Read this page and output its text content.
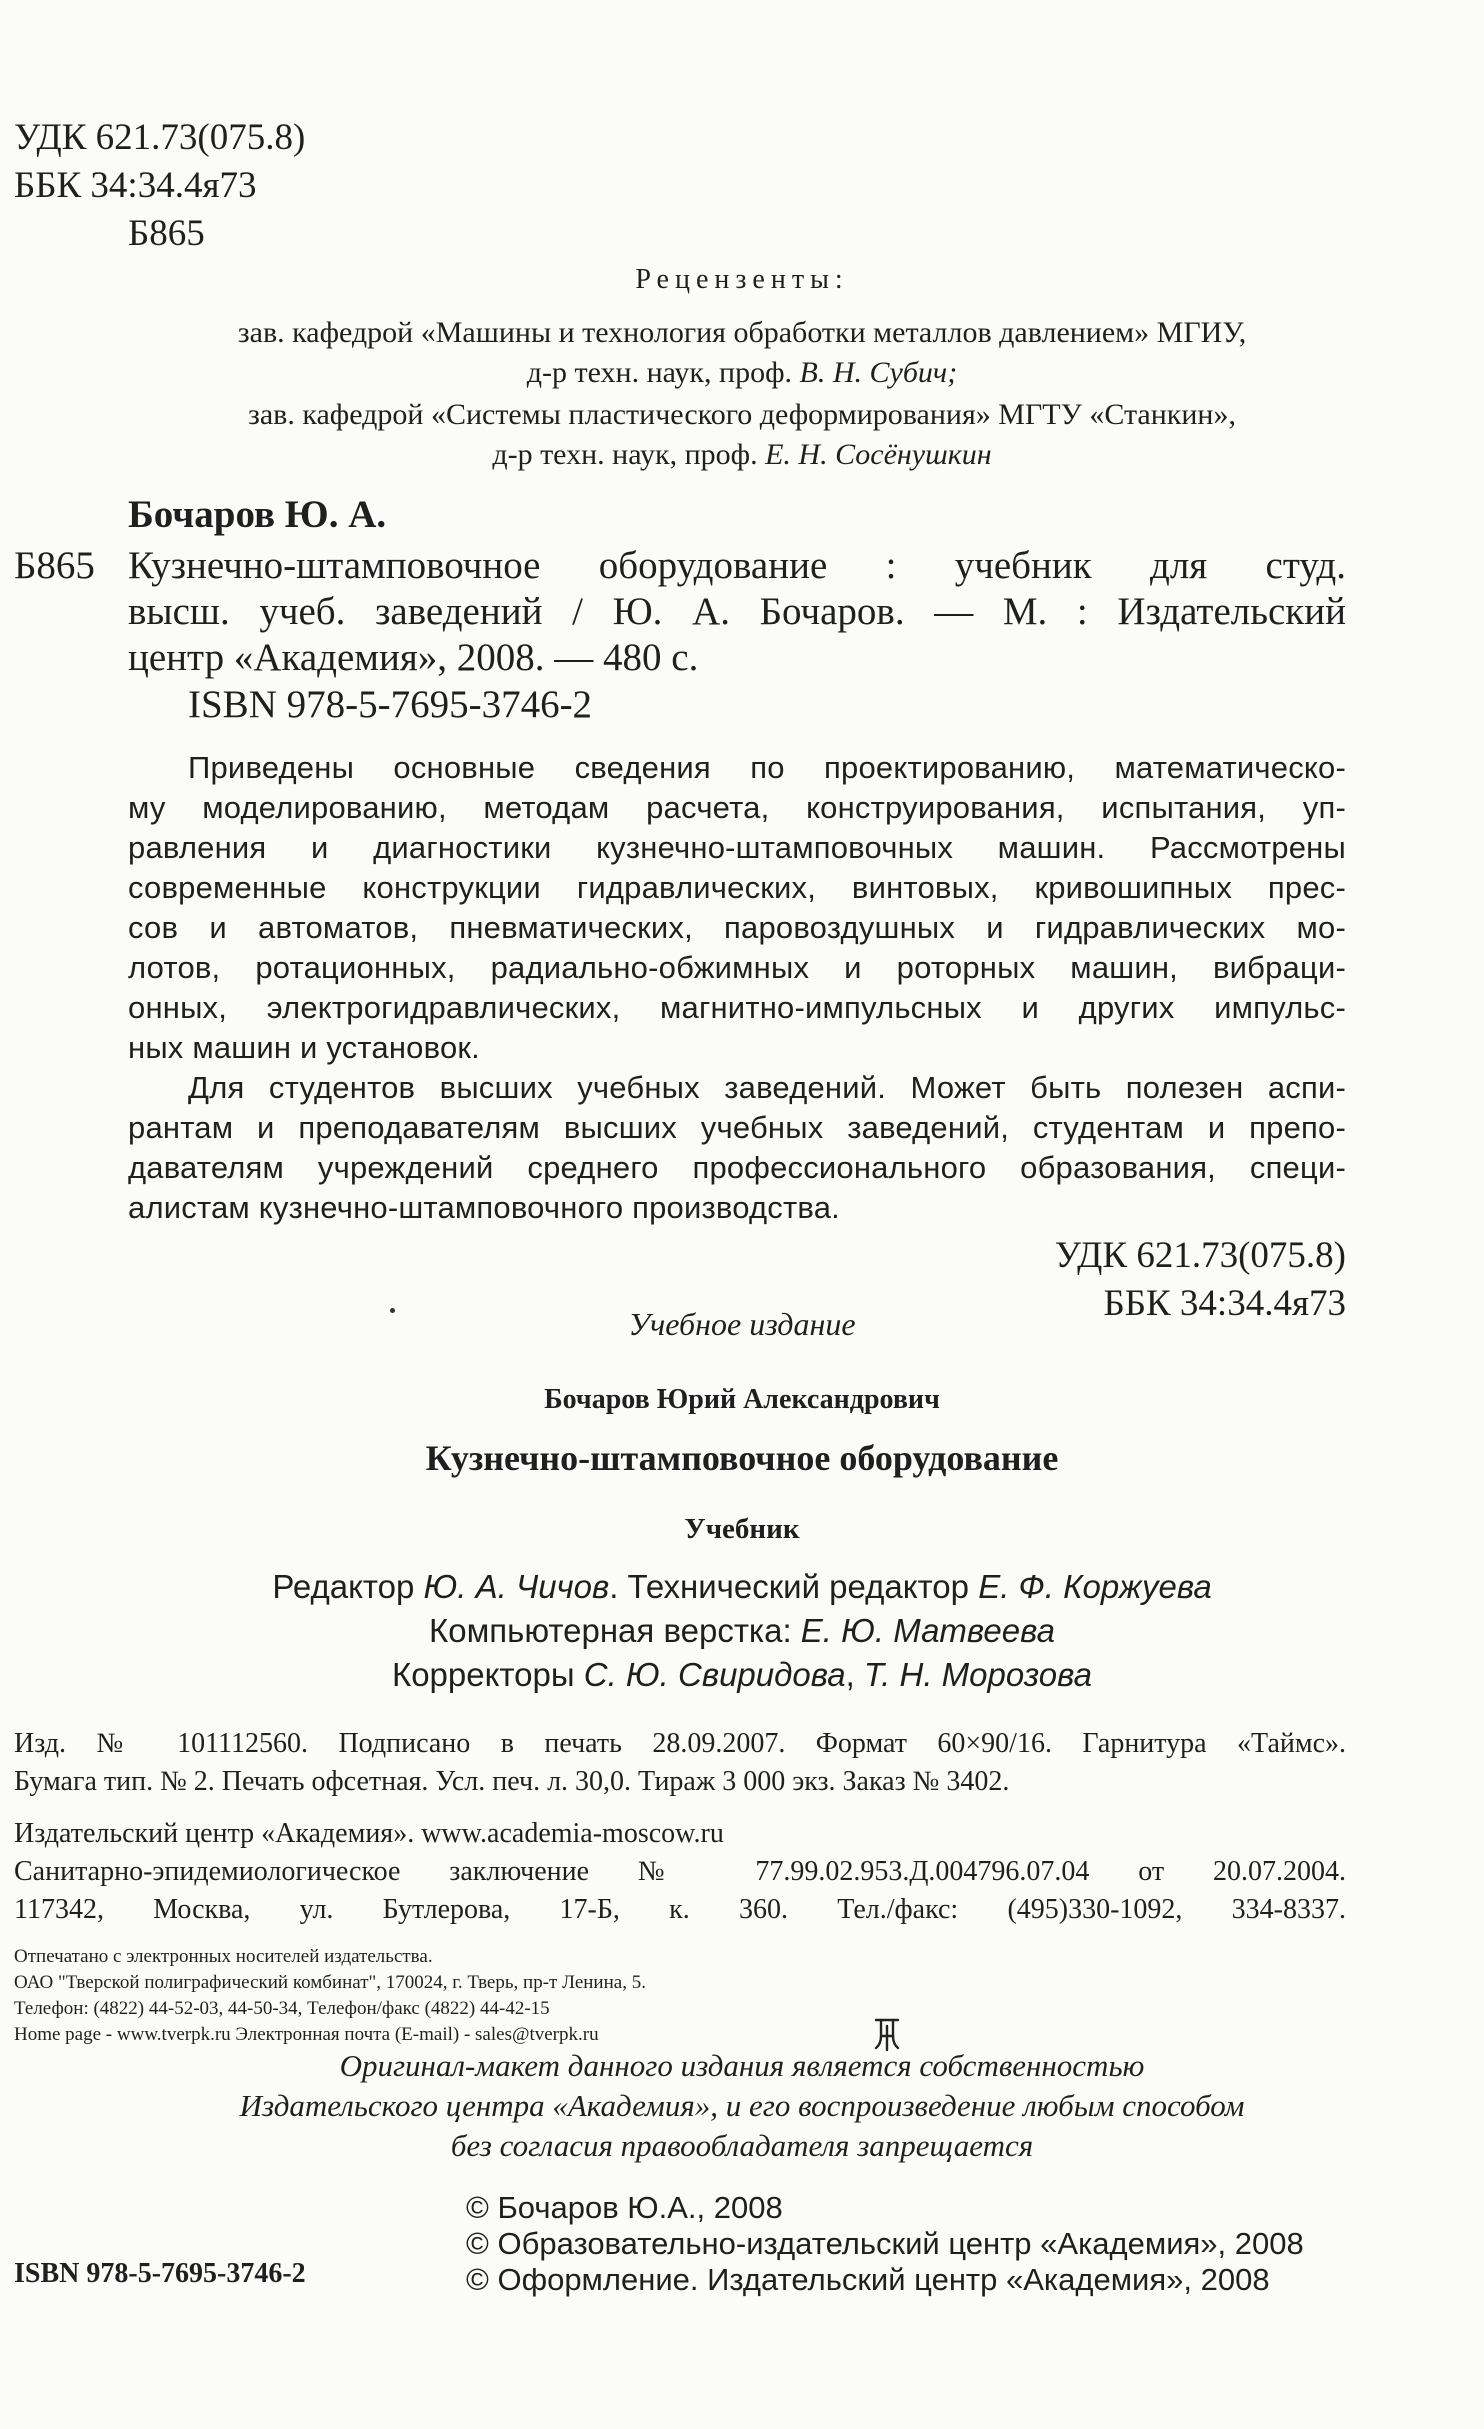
УДК 621.73(075.8)
ББК 34:34.4я73
Б865
Рецензенты:
зав. кафедрой «Машины и технология обработки металлов давлением» МГИУ,
д-р техн. наук, проф. В. Н. Субич;
зав. кафедрой «Системы пластического деформирования» МГТУ «Станкин»,
д-р техн. наук, проф. Е. Н. Сосёнушкин
Бочаров Ю. А.
Б865 Кузнечно-штамповочное оборудование : учебник для студ.
высш. учеб. заведений / Ю. А. Бочаров. — М. : Издательский
центр «Академия», 2008. — 480 с.
ISBN 978-5-7695-3746-2
Приведены основные сведения по проектированию, математическо-
му моделированию, методам расчета, конструирования, испытания, уп-
равления и диагностики кузнечно-штамповочных машин. Рассмотрены
современные конструкции гидравлических, винтовых, кривошипных прес-
сов и автоматов, пневматических, паровоздушных и гидравлических мо-
лотов, ротационных, радиально-обжимных и роторных машин, вибраци-
онных, электрогидравлических, магнитно-импульсных и других импульс-
ных машин и установок.
Для студентов высших учебных заведений. Может быть полезен аспи-
рантам и преподавателям высших учебных заведений, студентам и препо-
давателям учреждений среднего профессионального образования, специ-
алистам кузнечно-штамповочного производства.
УДК 621.73(075.8)
ББК 34:34.4я73
Учебное издание
Бочаров Юрий Александрович
Кузнечно-штамповочное оборудование
Учебник
Редактор Ю. А. Чичов. Технический редактор Е. Ф. Коржуева
Компьютерная верстка: Е. Ю. Матвеева
Корректоры С. Ю. Свиридова, Т. Н. Морозова
Изд. № 101112560. Подписано в печать 28.09.2007. Формат 60×90/16. Гарнитура «Таймс».
Бумага тип. № 2. Печать офсетная. Усл. печ. л. 30,0. Тираж 3 000 экз. Заказ № 3402.
Издательский центр «Академия». www.academia-moscow.ru
Санитарно-эпидемиологическое заключение № 77.99.02.953.Д.004796.07.04 от 20.07.2004.
117342, Москва, ул. Бутлерова, 17-Б, к. 360. Тел./факс: (495)330-1092, 334-8337.
Отпечатано с электронных носителей издательства.
ОАО "Тверской полиграфический комбинат", 170024, г. Тверь, пр-т Ленина, 5.
Телефон: (4822) 44-52-03, 44-50-34, Телефон/факс (4822) 44-42-15
Home page - www.tverpk.ru Электронная почта (E-mail) - sales@tverpk.ru
Оригинал-макет данного издания является собственностью
Издательского центра «Академия», и его воспроизведение любым способом
без согласия правообладателя запрещается
© Бочаров Ю.А., 2008
© Образовательно-издательский центр «Академия», 2008
© Оформление. Издательский центр «Академия», 2008
ISBN 978-5-7695-3746-2
